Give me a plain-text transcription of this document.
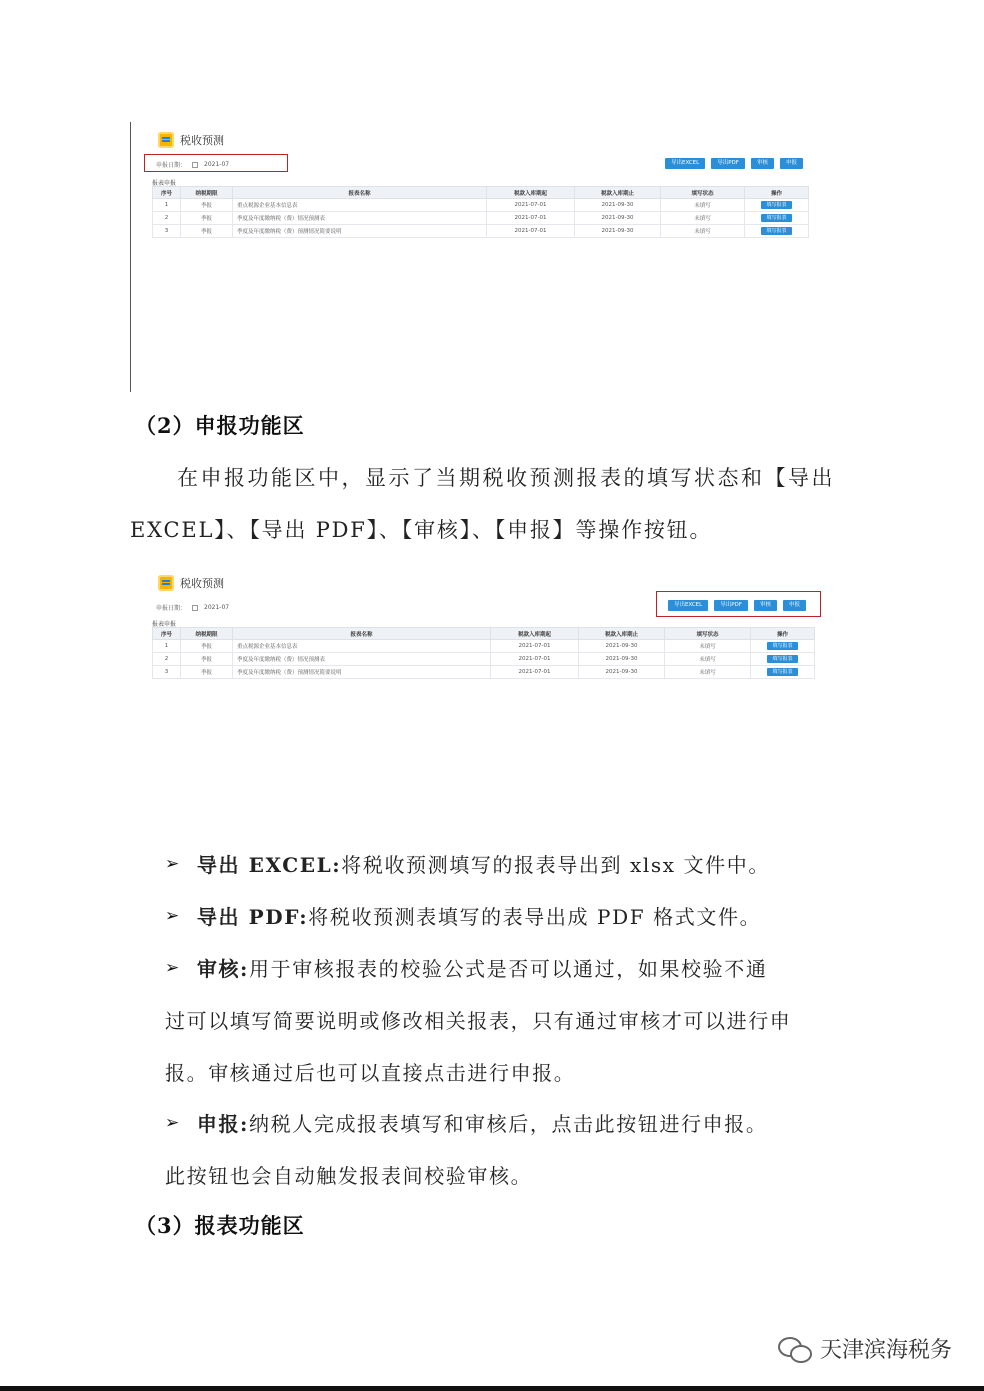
税收预测
申报日期：	2021-07	导出EXCEL	导出PDF	审核	申报
报表申报
序号	纳税期限	报表名称	税款入库期起	税款入库期止	填写状态	操作
1	季报	重点税源企业基本信息表	2021-07-01	2021-09-30	未填写	填写报表
2	季报	季度及年度缴纳税（费）情况预测表	2021-07-01	2021-09-30	未填写	填写报表
3	季报	季度及年度缴纳税（费）预测情况简要说明	2021-07-01	2021-09-30	未填写	填写报表
（2）申报功能区
在申报功能区中，显示了当期税收预测报表的填写状态和【导出
EXCEL】、【导出 PDF】、【审核】、【申报】等操作按钮。
税收预测
申报日期：	2021-07	导出EXCEL	导出PDF	审核	申报
报表申报
序号	纳税期限	报表名称	税款入库期起	税款入库期止	填写状态	操作
1	季报	重点税源企业基本信息表	2021-07-01	2021-09-30	未填写	填写报表
2	季报	季度及年度缴纳税（费）情况预测表	2021-07-01	2021-09-30	未填写	填写报表
3	季报	季度及年度缴纳税（费）预测情况简要说明	2021-07-01	2021-09-30	未填写	填写报表
➢ 导出 EXCEL: 将税收预测填写的报表导出到 xlsx 文件中。
➢ 导出 PDF: 将税收预测表填写的表导出成 PDF 格式文件。
➢ 审核: 用于审核报表的校验公式是否可以通过，如果校验不通
过可以填写简要说明或修改相关报表，只有通过审核才可以进行申
报。审核通过后也可以直接点击进行申报。
➢ 申报: 纳税人完成报表填写和审核后，点击此按钮进行申报。
此按钮也会自动触发报表间校验审核。
（3）报表功能区
天津滨海税务
